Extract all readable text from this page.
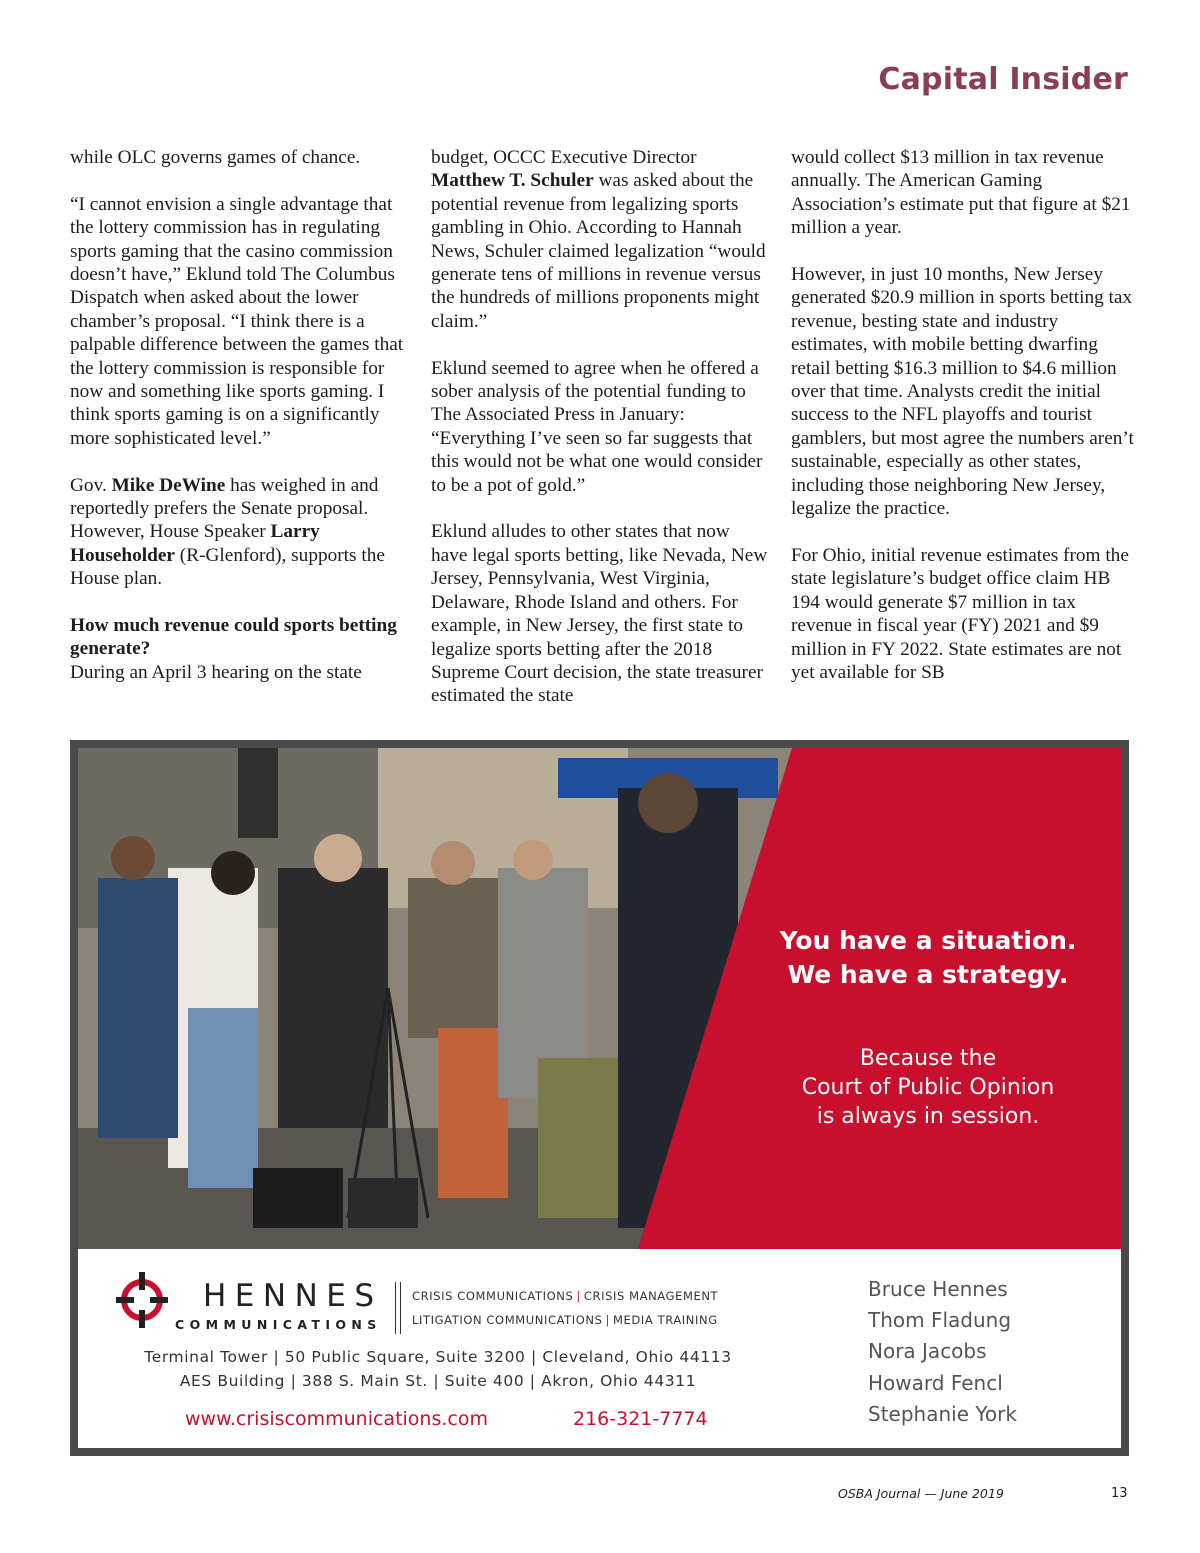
Capital Insider

while OLC governs games of chance.

“I cannot envision a single advantage that the lottery commission has in regulating sports gaming that the casino commission doesn’t have,” Eklund told The Columbus Dispatch when asked about the lower chamber’s proposal. “I think there is a palpable difference between the games that the lottery commission is responsible for now and something like sports gaming. I think sports gaming is on a significantly more sophisticated level.”

Gov. Mike DeWine has weighed in and reportedly prefers the Senate proposal. However, House Speaker Larry Householder (R-Glenford), supports the House plan.

How much revenue could sports betting generate?

During an April 3 hearing on the state

budget, OCCC Executive Director Matthew T. Schuler was asked about the potential revenue from legalizing sports gambling in Ohio. According to Hannah News, Schuler claimed legalization “would generate tens of millions in revenue versus the hundreds of millions proponents might claim.”

Eklund seemed to agree when he offered a sober analysis of the potential funding to The Associated Press in January: “Everything I’ve seen so far suggests that this would not be what one would consider to be a pot of gold.”

Eklund alludes to other states that now have legal sports betting, like Nevada, New Jersey, Pennsylvania, West Virginia, Delaware, Rhode Island and others. For example, in New Jersey, the first state to legalize sports betting after the 2018 Supreme Court decision, the state treasurer estimated the state

would collect $13 million in tax revenue annually. The American Gaming Association’s estimate put that figure at $21 million a year.

However, in just 10 months, New Jersey generated $20.9 million in sports betting tax revenue, besting state and industry estimates, with mobile betting dwarfing retail betting $16.3 million to $4.6 million over that time. Analysts credit the initial success to the NFL playoffs and tourist gamblers, but most agree the numbers aren’t sustainable, especially as other states, including those neighboring New Jersey, legalize the practice.

For Ohio, initial revenue estimates from the state legislature’s budget office claim HB 194 would generate $7 million in tax revenue in fiscal year (FY) 2021 and $9 million in FY 2022. State estimates are not yet available for SB

You have a situation.
We have a strategy.
Because the
Court of Public Opinion
is always in session.
HENNES
COMMUNICATIONS
CRISIS COMMUNICATIONS | CRISIS MANAGEMENT
LITIGATION COMMUNICATIONS | MEDIA TRAINING
Terminal Tower | 50 Public Square, Suite 3200 | Cleveland, Ohio 44113
AES Building | 388 S. Main St. | Suite 400 | Akron, Ohio 44311
www.crisiscommunications.com	216-321-7774
Bruce Hennes
Thom Fladung
Nora Jacobs
Howard Fencl
Stephanie York
OSBA Journal — June 2019	13
